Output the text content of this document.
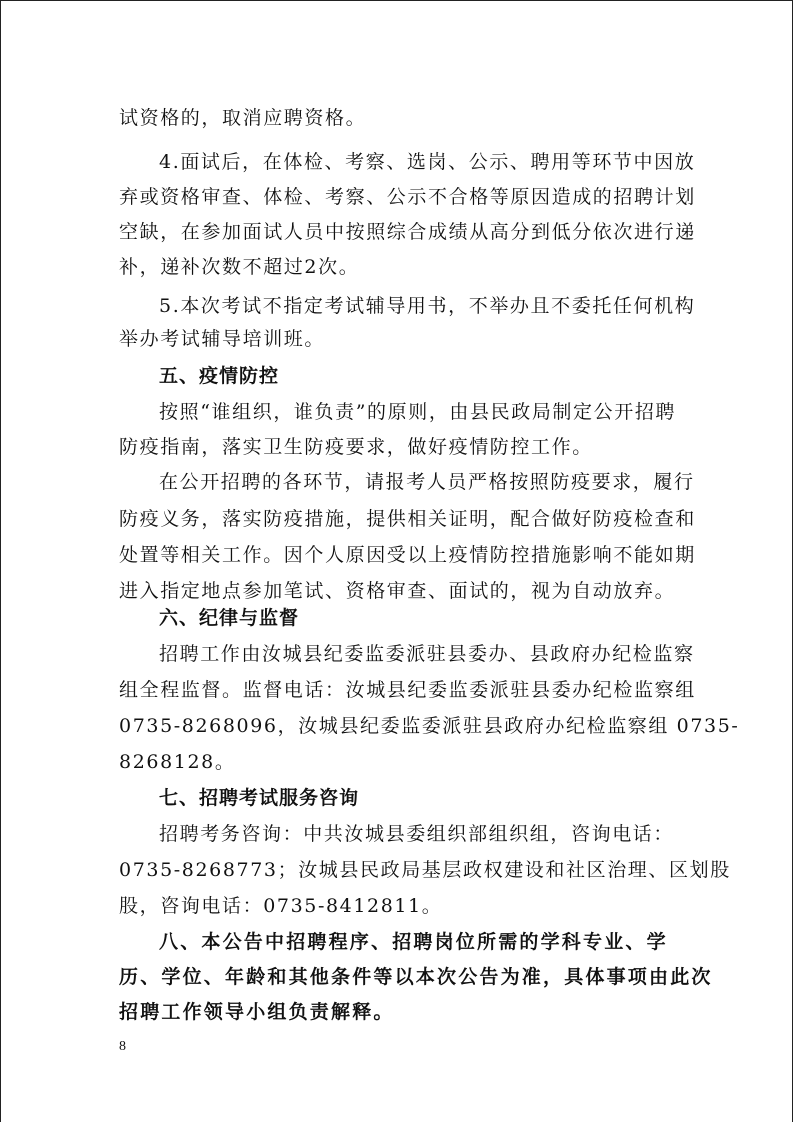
试资格的，取消应聘资格。
4.面试后，在体检、考察、选岗、公示、聘用等环节中因放
弃或资格审查、体检、考察、公示不合格等原因造成的招聘计划
空缺，在参加面试人员中按照综合成绩从高分到低分依次进行递
补，递补次数不超过2次。
5.本次考试不指定考试辅导用书，不举办且不委托任何机构
举办考试辅导培训班。
五、疫情防控
按照“谁组织，谁负责”的原则，由县民政局制定公开招聘
防疫指南，落实卫生防疫要求，做好疫情防控工作。
在公开招聘的各环节，请报考人员严格按照防疫要求，履行
防疫义务，落实防疫措施，提供相关证明，配合做好防疫检查和
处置等相关工作。因个人原因受以上疫情防控措施影响不能如期
进入指定地点参加笔试、资格审查、面试的，视为自动放弃。
六、纪律与监督
招聘工作由汝城县纪委监委派驻县委办、县政府办纪检监察
组全程监督。监督电话：汝城县纪委监委派驻县委办纪检监察组
0735-8268096，汝城县纪委监委派驻县政府办纪检监察组 0735-
8268128。
七、招聘考试服务咨询
招聘考务咨询：中共汝城县委组织部组织组，咨询电话：
0735-8268773；汝城县民政局基层政权建设和社区治理、区划股
股，咨询电话：0735-8412811。
八、本公告中招聘程序、招聘岗位所需的学科专业、学
历、学位、年龄和其他条件等以本次公告为准，具体事项由此次
招聘工作领导小组负责解释。
8
